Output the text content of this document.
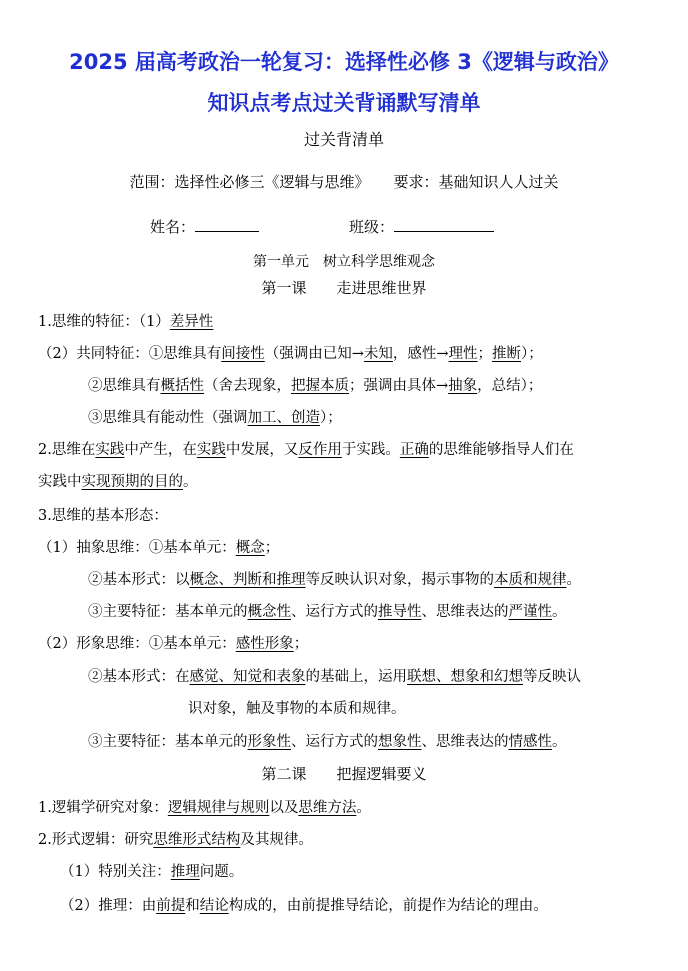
2025 届高考政治一轮复习：选择性必修 3《逻辑与政治》
知识点考点过关背诵默写清单
过关背清单
范围：选择性必修三《逻辑与思维》 要求：基础知识人人过关
姓名：	班级：
第一单元　树立科学思维观念
第一课　　走进思维世界
1.思维的特征：（1）差异性
（2）共同特征：①思维具有间接性（强调由已知→未知，感性→理性；推断）；
②思维具有概括性（舍去现象，把握本质；强调由具体→抽象，总结）；
③思维具有能动性（强调加工、创造）；
2.思维在实践中产生，在实践中发展，又反作用于实践。正确的思维能够指导人们在
实践中实现预期的目的。
3.思维的基本形态：
（1）抽象思维：①基本单元：概念；
②基本形式：以概念、判断和推理等反映认识对象，揭示事物的本质和规律。
③主要特征：基本单元的概念性、运行方式的推导性、思维表达的严谨性。
（2）形象思维：①基本单元：感性形象；
②基本形式：在感觉、知觉和表象的基础上，运用联想、想象和幻想等反映认
识对象，触及事物的本质和规律。
③主要特征：基本单元的形象性、运行方式的想象性、思维表达的情感性。
第二课　　把握逻辑要义
1.逻辑学研究对象：逻辑规律与规则以及思维方法。
2.形式逻辑：研究思维形式结构及其规律。
（1）特别关注：推理问题。
（2）推理：由前提和结论构成的，由前提推导结论，前提作为结论的理由。
